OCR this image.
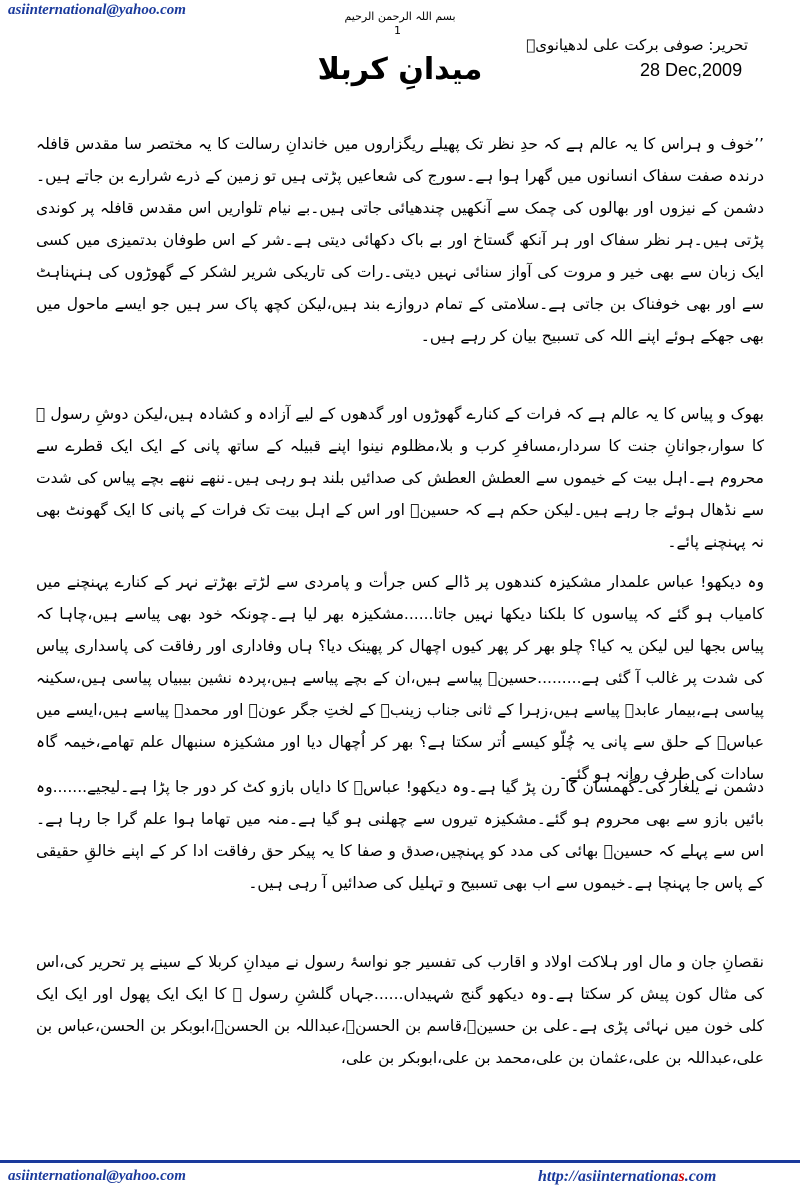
asiinternational@yahoo.com	بسم اللہ الرحمن الرحیم
1
تحریر: صوفی برکت علی لدھیانویؒ
میدانِ کربلا	28 Dec,2009

’’خوف و ہراس کا یہ عالم ہے کہ حدِ نظر تک پھیلے ریگزاروں میں خاندانِ رسالت کا یہ مختصر سا مقدس قافلہ درندہ صفت سفاک انسانوں میں گھرا ہوا ہے۔سورج کی شعاعیں پڑتی ہیں تو زمین کے ذرے شرارے بن جاتے ہیں۔دشمن کے نیزوں اور بھالوں کی چمک سے آنکھیں چندھیائی جاتی ہیں۔بے نیام تلواریں اس مقدس قافلہ پر کوندی پڑتی ہیں۔ہر نظر سفاک اور ہر آنکھ گستاخ اور بے باک دکھائی دیتی ہے۔شر کے اس طوفان بدتمیزی میں کسی ایک زبان سے بھی خیر و مروت کی آواز سنائی نہیں دیتی۔رات کی تاریکی شریر لشکر کے گھوڑوں کی ہنہناہٹ سے اور بھی خوفناک بن جاتی ہے۔سلامتی کے تمام دروازے بند ہیں،لیکن کچھ پاک سر ہیں جو ایسے ماحول میں بھی جھکے ہوئے اپنے اللہ کی تسبیح بیان کر رہے ہیں۔

بھوک و پیاس کا یہ عالم ہے کہ فرات کے کنارے گھوڑوں اور گدھوں کے لیے آزادہ و کشادہ ہیں،لیکن دوشِ رسول ﷺ کا سوار،جوانانِ جنت کا سردار،مسافرِ کرب و بلا،مظلوم نینوا اپنے قبیلہ کے ساتھ پانی کے ایک ایک قطرے سے محروم ہے۔اہل بیت کے خیموں سے العطش العطش کی صدائیں بلند ہو رہی ہیں۔ننھے ننھے بچے پیاس کی شدت سے نڈھال ہوئے جا رہے ہیں۔لیکن حکم ہے کہ حسینؑ اور اس کے اہل بیت تک فرات کے پانی کا ایک گھونٹ بھی نہ پہنچنے پائے۔

وہ دیکھو! عباس علمدار مشکیزہ کندھوں پر ڈالے کس جرأت و پامردی سے لڑتے بھڑتے نہر کے کنارے پہنچنے میں کامیاب ہو گئے کہ پیاسوں کا بلکنا دیکھا نہیں جاتا......مشکیزہ بھر لیا ہے۔چونکہ خود بھی پیاسے ہیں،چاہا کہ پیاس بجھا لیں لیکن یہ کیا؟ چلو بھر کر پھر کیوں اچھال کر پھینک دیا؟ ہاں وفاداری اور رفاقت کی پاسداری پیاس کی شدت پر غالب آ گئی ہے.........حسینؑ پیاسے ہیں،ان کے بچے پیاسے ہیں،پردہ نشین بیبیاں پیاسی ہیں،سکینہ پیاسی ہے،بیمار عابدؑ پیاسے ہیں،زہرا کے ثانی جناب زینبؑ کے لختِ جگر عونؑ اور محمدؑ پیاسے ہیں،ایسے میں عباسؑ کے حلق سے پانی یہ چُلّو کیسے اُتر سکتا ہے؟ بھر کر اُچھال دیا اور مشکیزہ سنبھال علم تھامے،خیمہ گاہ سادات کی طرف روانہ ہو گئے۔

دشمن نے یلغار کی۔گھمسان کا رن پڑ گیا ہے۔وہ دیکھو! عباسؑ کا دایاں بازو کٹ کر دور جا پڑا ہے۔لیجیے.......وہ بائیں بازو سے بھی محروم ہو گئے۔مشکیزہ تیروں سے چھلنی ہو گیا ہے۔منہ میں تھاما ہوا علم گرا جا رہا ہے۔اس سے پہلے کہ حسینؑ بھائی کی مدد کو پہنچیں،صدق و صفا کا یہ پیکر حق رفاقت ادا کر کے اپنے خالقِ حقیقی کے پاس جا پہنچا ہے۔خیموں سے اب بھی تسبیح و تہلیل کی صدائیں آ رہی ہیں۔

نقصانِ جان و مال اور ہلاکت اولاد و اقارب کی تفسیر جو نواسۂ رسول نے میدانِ کربلا کے سینے پر تحریر کی،اس کی مثال کون پیش کر سکتا ہے۔وہ دیکھو گنج شہیداں......جہاں گلشنِ رسول ﷺ کا ایک ایک پھول اور ایک ایک کلی خون میں نہائی پڑی ہے۔علی بن حسینؑ،قاسم بن الحسنؑ،عبداللہ بن الحسنؑ،ابوبکر بن الحسن،عباس بن علی،عبداللہ بن علی،عثمان بن علی،محمد بن علی،ابوبکر بن علی،

asiinternational@yahoo.com	http://asiinternationas.com
